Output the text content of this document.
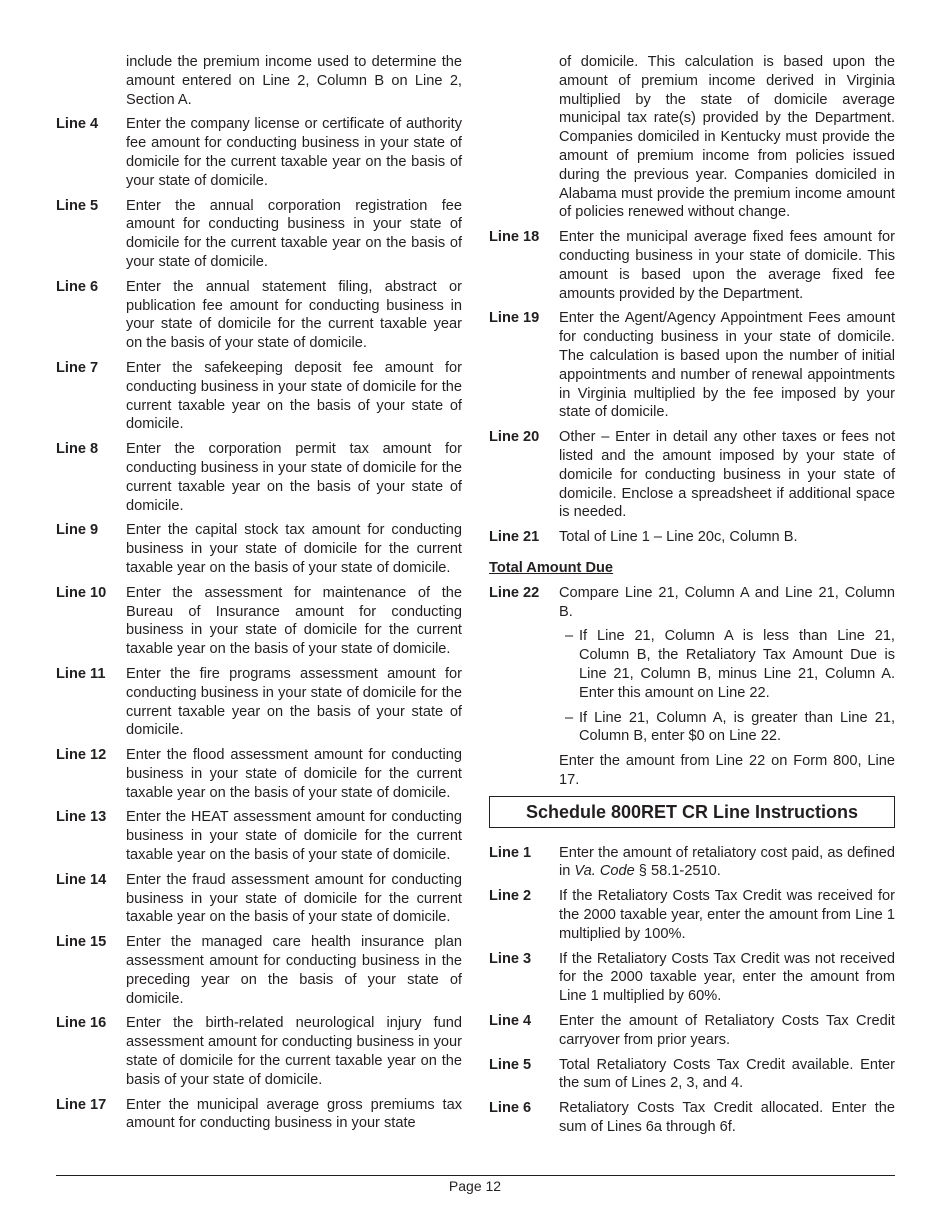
include the premium income used to determine the amount entered on Line 2, Column B on Line 2, Section A.
Line 4	Enter the company license or certificate of authority fee amount for conducting business in your state of domicile for the current taxable year on the basis of your state of domicile.
Line 5	Enter the annual corporation registration fee amount for conducting business in your state of domicile for the current taxable year on the basis of your state of domicile.
Line 6	Enter the annual statement filing, abstract or publication fee amount for conducting business in your state of domicile for the current taxable year on the basis of your state of domicile.
Line 7	Enter the safekeeping deposit fee amount for conducting business in your state of domicile for the current taxable year on the basis of your state of domicile.
Line 8	Enter the corporation permit tax amount for conducting business in your state of domicile for the current taxable year on the basis of your state of domicile.
Line 9	Enter the capital stock tax amount for conducting business in your state of domicile for the current taxable year on the basis of your state of domicile.
Line 10	Enter the assessment for maintenance of the Bureau of Insurance amount for conducting business in your state of domicile for the current taxable year on the basis of your state of domicile.
Line 11	Enter the fire programs assessment amount for conducting business in your state of domicile for the current taxable year on the basis of your state of domicile.
Line 12	Enter the flood assessment amount for conducting business in your state of domicile for the current taxable year on the basis of your state of domicile.
Line 13	Enter the HEAT assessment amount for conducting business in your state of domicile for the current taxable year on the basis of your state of domicile.
Line 14	Enter the fraud assessment amount for conducting business in your state of domicile for the current taxable year on the basis of your state of domicile.
Line 15	Enter the managed care health insurance plan assessment amount for conducting business in the preceding year on the basis of your state of domicile.
Line 16	Enter the birth-related neurological injury fund assessment amount for conducting business in your state of domicile for the current taxable year on the basis of your state of domicile.
Line 17	Enter the municipal average gross premiums tax amount for conducting business in your state
of domicile. This calculation is based upon the amount of premium income derived in Virginia multiplied by the state of domicile average municipal tax rate(s) provided by the Department. Companies domiciled in Kentucky must provide the amount of premium income from policies issued during the previous year. Companies domiciled in Alabama must provide the premium income amount of policies renewed without change.
Line 18	Enter the municipal average fixed fees amount for conducting business in your state of domicile. This amount is based upon the average fixed fee amounts provided by the Department.
Line 19	Enter the Agent/Agency Appointment Fees amount for conducting business in your state of domicile. The calculation is based upon the number of initial appointments and number of renewal appointments in Virginia multiplied by the fee imposed by your state of domicile.
Line 20	Other – Enter in detail any other taxes or fees not listed and the amount imposed by your state of domicile for conducting business in your state of domicile. Enclose a spreadsheet if additional space is needed.
Line 21	Total of Line 1 – Line 20c, Column B.
Total Amount Due
Line 22	Compare Line 21, Column A and Line 21, Column B.
– If Line 21, Column A is less than Line 21, Column B, the Retaliatory Tax Amount Due is Line 21, Column B, minus Line 21, Column A. Enter this amount on Line 22.
– If Line 21, Column A, is greater than Line 21, Column B, enter $0 on Line 22.
Enter the amount from Line 22 on Form 800, Line 17.
Schedule 800RET CR Line Instructions
Line 1	Enter the amount of retaliatory cost paid, as defined in Va. Code § 58.1-2510.
Line 2	If the Retaliatory Costs Tax Credit was received for the 2000 taxable year, enter the amount from Line 1 multiplied by 100%.
Line 3	If the Retaliatory Costs Tax Credit was not received for the 2000 taxable year, enter the amount from Line 1 multiplied by 60%.
Line 4	Enter the amount of Retaliatory Costs Tax Credit carryover from prior years.
Line 5	Total Retaliatory Costs Tax Credit available. Enter the sum of Lines 2, 3, and 4.
Line 6	Retaliatory Costs Tax Credit allocated. Enter the sum of Lines 6a through 6f.
Page 12
